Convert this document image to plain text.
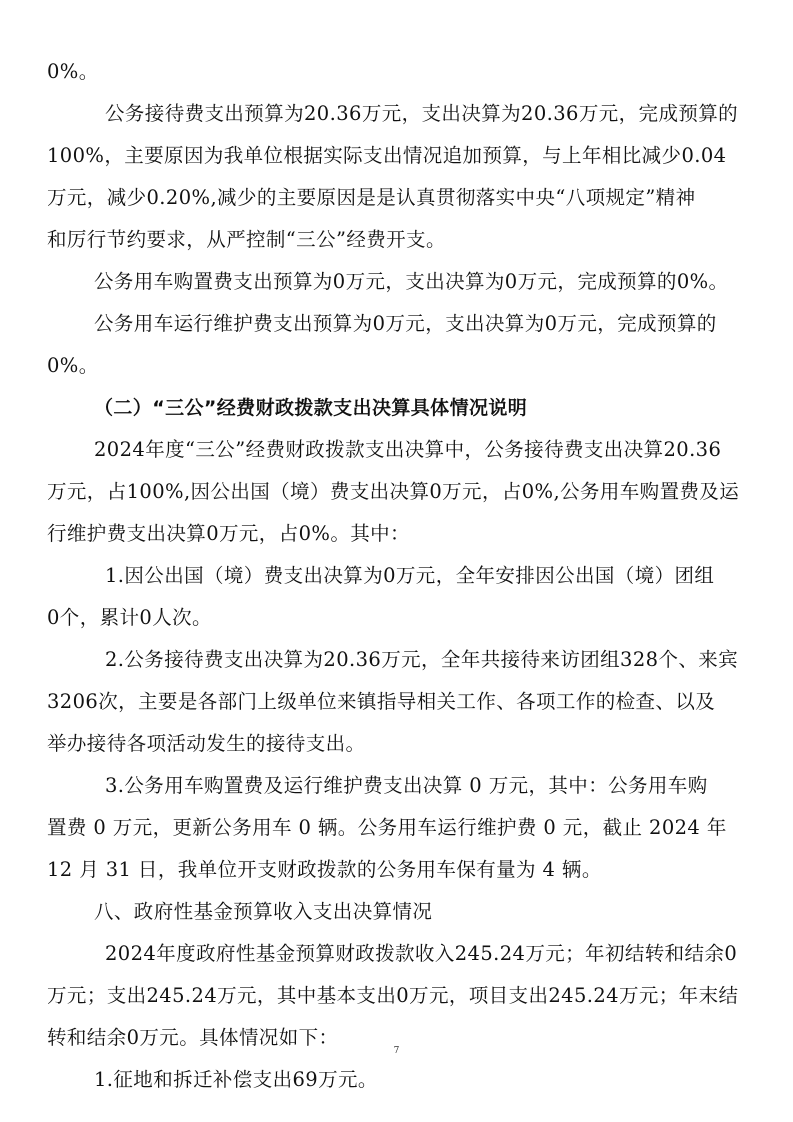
0%。
公务接待费支出预算为20.36万元，支出决算为20.36万元，完成预算的
100%，主要原因为我单位根据实际支出情况追加预算，与上年相比减少0.04
万元，减少0.20%,减少的主要原因是是认真贯彻落实中央“八项规定”精神
和厉行节约要求，从严控制“三公”经费开支。
公务用车购置费支出预算为0万元，支出决算为0万元，完成预算的0%。
公务用车运行维护费支出预算为0万元，支出决算为0万元，完成预算的
0%。
（二）“三公”经费财政拨款支出决算具体情况说明
2024年度“三公”经费财政拨款支出决算中，公务接待费支出决算20.36
万元，占100%,因公出国（境）费支出决算0万元，占0%,公务用车购置费及运
行维护费支出决算0万元，占0%。其中：
1.因公出国（境）费支出决算为0万元，全年安排因公出国（境）团组
0个，累计0人次。
2.公务接待费支出决算为20.36万元，全年共接待来访团组328个、来宾
3206次，主要是各部门上级单位来镇指导相关工作、各项工作的检查、以及
举办接待各项活动发生的接待支出。
3.公务用车购置费及运行维护费支出决算 0 万元，其中：公务用车购
置费 0 万元，更新公务用车 0 辆。公务用车运行维护费 0 元，截止 2024 年
12 月 31 日，我单位开支财政拨款的公务用车保有量为 4 辆。
八、政府性基金预算收入支出决算情况
2024年度政府性基金预算财政拨款收入245.24万元；年初结转和结余0
万元；支出245.24万元，其中基本支出0万元，项目支出245.24万元；年末结
转和结余0万元。具体情况如下：
1.征地和拆迁补偿支出69万元。
7
